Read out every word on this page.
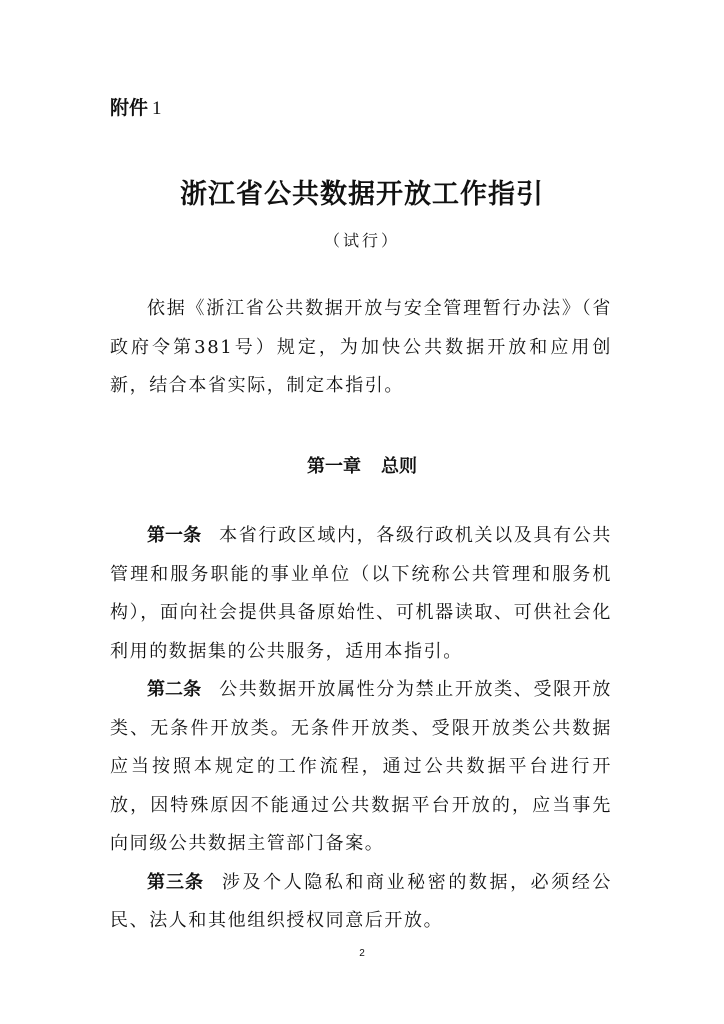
附件 1
浙江省公共数据开放工作指引
（试行）

依据《浙江省公共数据开放与安全管理暂行办法》（省政府令第381号）规定，为加快公共数据开放和应用创新，结合本省实际，制定本指引。

第一章 总则

第一条 本省行政区域内，各级行政机关以及具有公共管理和服务职能的事业单位（以下统称公共管理和服务机构），面向社会提供具备原始性、可机器读取、可供社会化利用的数据集的公共服务，适用本指引。

第二条 公共数据开放属性分为禁止开放类、受限开放类、无条件开放类。无条件开放类、受限开放类公共数据应当按照本规定的工作流程，通过公共数据平台进行开放，因特殊原因不能通过公共数据平台开放的，应当事先向同级公共数据主管部门备案。

第三条 涉及个人隐私和商业秘密的数据，必须经公民、法人和其他组织授权同意后开放。

2
